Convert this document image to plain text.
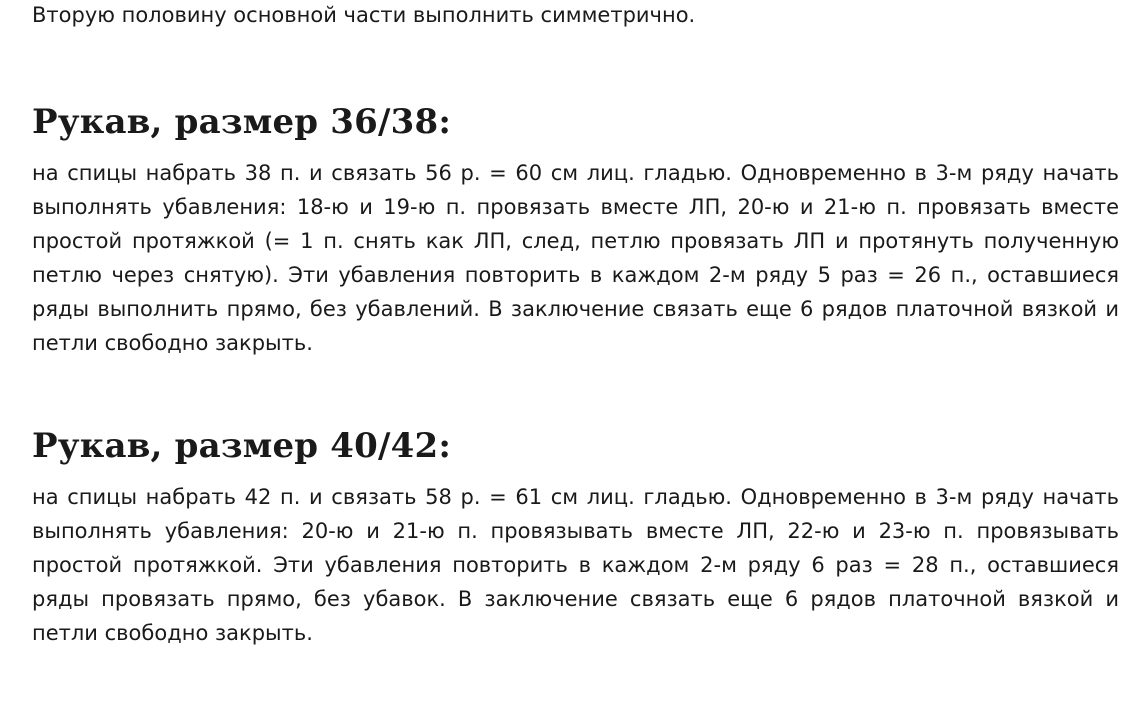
Вторую половину основной части выполнить симметрично.

Рукав, размер 36/38:

на спицы набрать 38 п. и связать 56 р. = 60 см лиц. гладью. Одновременно в 3-м ряду начать выполнять убавления: 18-ю и 19-ю п. провязать вместе ЛП, 20-ю и 21-ю п. провязать вместе простой протяжкой (= 1 п. снять как ЛП, след, петлю провязать ЛП и протянуть полученную петлю через снятую). Эти убавления повторить в каждом 2-м ряду 5 раз = 26 п., оставшиеся ряды выполнить прямо, без убавлений. В заключение связать еще 6 рядов платочной вязкой и петли свободно закрыть.

Рукав, размер 40/42:

на спицы набрать 42 п. и связать 58 р. = 61 см лиц. гладью. Одновременно в 3-м ряду начать выполнять убавления: 20-ю и 21-ю п. провязывать вместе ЛП, 22-ю и 23-ю п. провязывать простой протяжкой. Эти убавления повторить в каждом 2-м ряду 6 раз = 28 п., оставшиеся ряды провязать прямо, без убавок. В заключение связать еще 6 рядов платочной вязкой и петли свободно закрыть.
